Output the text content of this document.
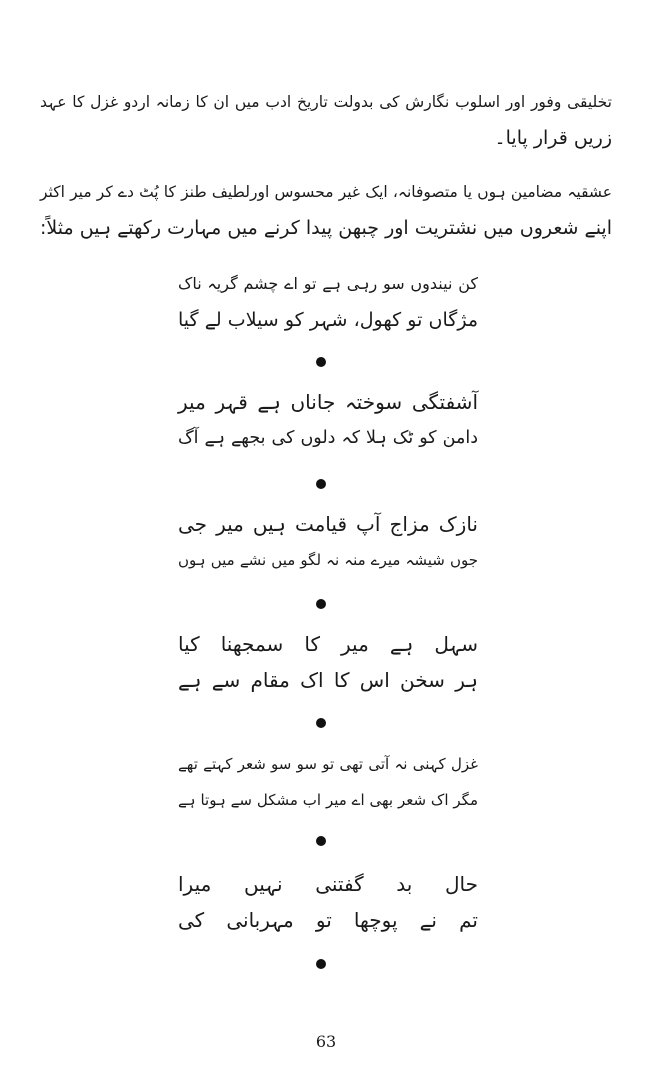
تخلیقی وفور اور اسلوب نگارش کی بدولت تاریخ ادب میں ان کا زمانہ اردو غزل کا عہد
زریں قرار پایا۔
عشقیہ مضامین ہوں یا متصوفانہ، ایک غیر محسوس اورلطیف طنز کا پُٹ دے کر میر اکثر
اپنے شعروں میں نشتریت اور چبھن پیدا کرنے میں مہارت رکھتے ہیں مثلاً:
کن نیندوں سو رہی ہے تو اے چشم گریہ ناک
مژگاں تو کھول، شہر کو سیلاب لے گیا
آشفتگی سوختہ جاناں ہے قہر میر
دامن کو ٹک ہلا کہ دلوں کی بجھے ہے آگ
نازک مزاج آپ قیامت ہیں میر جی
جوں شیشہ میرے منہ نہ لگو میں نشے میں ہوں
سہل ہے میر کا سمجھنا کیا
ہر سخن اس کا اک مقام سے ہے
غزل کہنی نہ آتی تھی تو سو سو شعر کہتے تھے
مگر اک شعر بھی اے میر اب مشکل سے ہوتا ہے
حال بد گفتنی نہیں میرا
تم نے پوچھا تو مہربانی کی
63
